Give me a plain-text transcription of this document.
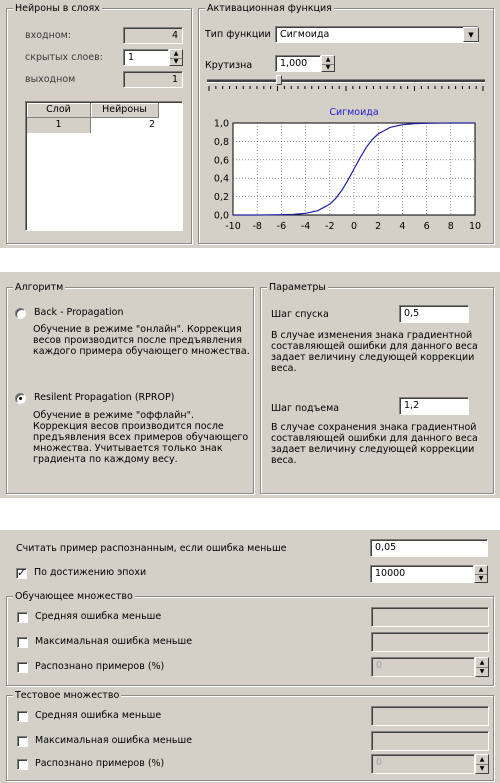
Нейроны в слоях
входном:	4
скрытых слоев:	1	▲
▼
выходном	1
Слой	Нейроны
1	2
Активационная функция
Тип функции Сигмоида	▼
Крутизна	1,000	▲
▼
Сигмоида
-10 -8 -6 -4 -2 0 2 4 6 8 10
1,0
0,8
0,6
0,4
0,2
0,0
Алгоритм
Back - Propagation
Обучение в режиме "онлайн". Коррекция
весов производится после предъявления
каждого примера обучающего множества.
Resilent Propagation (RPROP)
Обучение в режиме "оффлайн".
Коррекция весов производится после
предъявления всех примеров обучающего
множества. Учитывается только знак
градиента по каждому весу.
Параметры
Шаг спуска	0,5
В случае изменения знака градиентной
составляющей ошибки для данного веса
задает величину следующей коррекции
веса.
Шаг подъема	1,2
В случае сохранения знака градиентной
составляющей ошибки для данного веса
задает величину следующей коррекции
веса.
Считать пример распознанным, если ошибка меньше	0,05
✓ По достижению эпохи	10000	▲
▼
Обучающее множество
Средняя ошибка меньше
Максимальная ошибка меньше
Распознано примеров (%)	0	▲
▼
Тестовое множество
Средняя ошибка меньше
Максимальная ошибка меньше
Распознано примеров (%)	0	▲
▼
